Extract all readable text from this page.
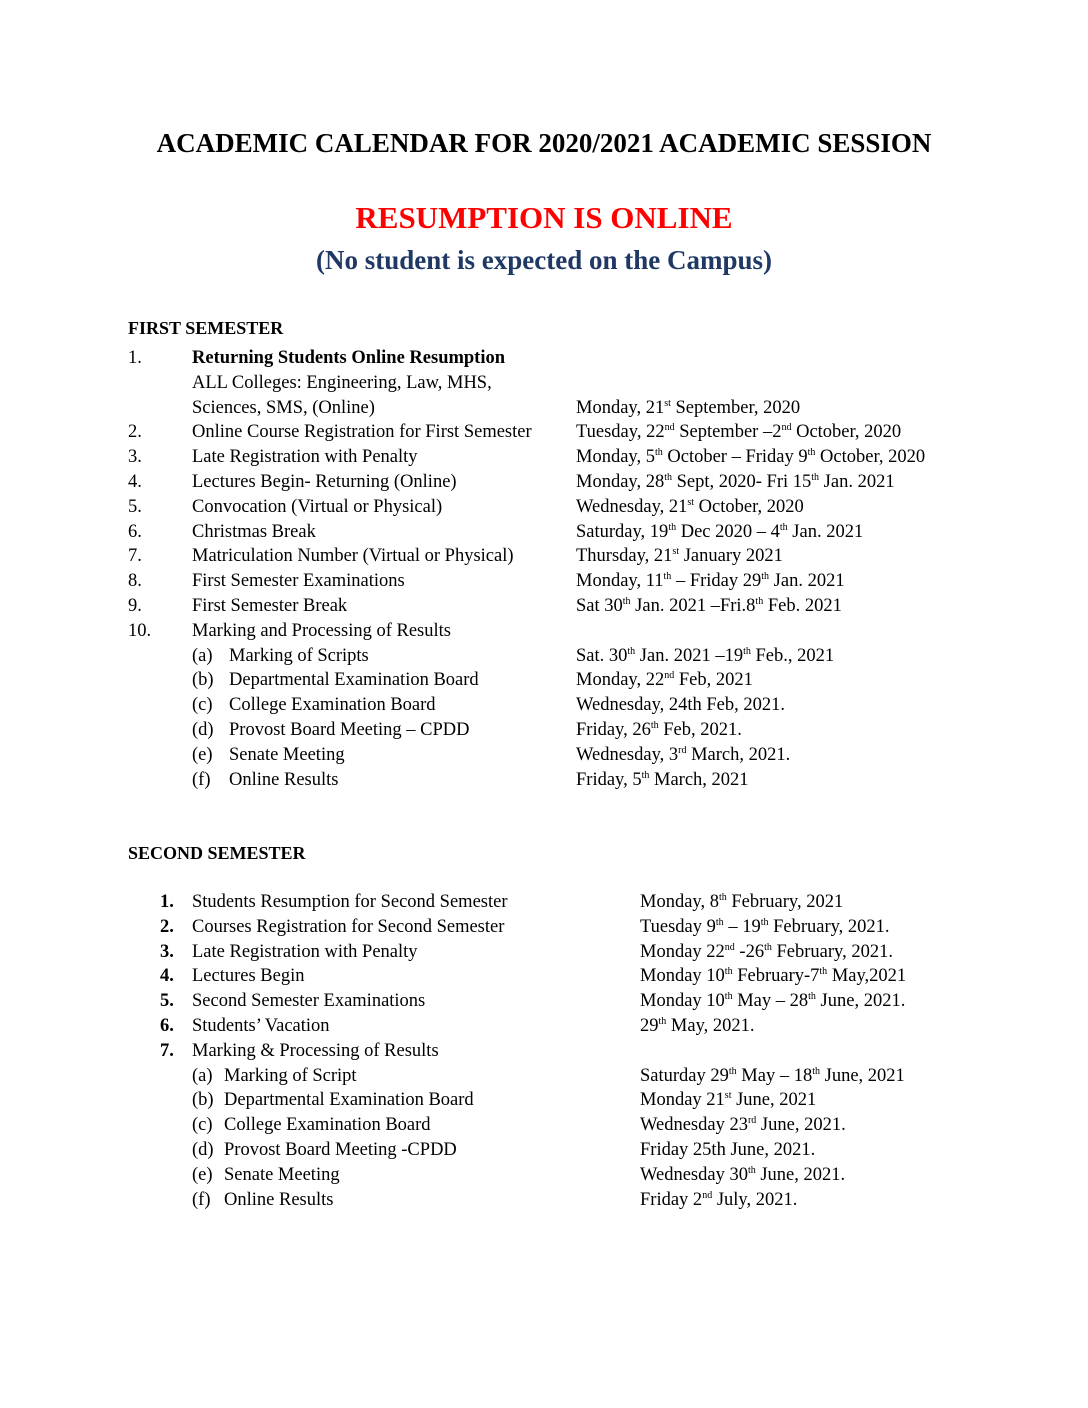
ACADEMIC CALENDAR FOR 2020/2021 ACADEMIC SESSION
RESUMPTION IS ONLINE
(No student is expected on the Campus)
FIRST SEMESTER
1.	Returning Students Online Resumption
ALL Colleges: Engineering, Law, MHS,
Sciences, SMS, (Online)	Monday, 21st September, 2020
2.	Online Course Registration for First Semester Tuesday, 22nd September –2nd October, 2020
3.	Late Registration with Penalty	Monday, 5th October – Friday 9th October, 2020
4.	Lectures Begin- Returning (Online)	Monday, 28th Sept, 2020- Fri 15th Jan. 2021
5.	Convocation (Virtual or Physical)	Wednesday, 21st October, 2020
6.	Christmas Break	Saturday, 19th Dec 2020 – 4th Jan. 2021
7.	Matriculation Number (Virtual or Physical)	Thursday, 21st January 2021
8.	First Semester Examinations	Monday, 11th – Friday 29th Jan. 2021
9.	First Semester Break	Sat 30th Jan. 2021 –Fri.8th Feb. 2021
10. Marking and Processing of Results
(a) Marking of Scripts	Sat. 30th Jan. 2021 –19th Feb., 2021
(b) Departmental Examination Board	Monday, 22nd Feb, 2021
(c) College Examination Board	Wednesday, 24th Feb, 2021.
(d) Provost Board Meeting – CPDD	Friday, 26th Feb, 2021.
(e) Senate Meeting	Wednesday, 3rd March, 2021.
(f) Online Results	Friday, 5th March, 2021
SECOND SEMESTER
1. Students Resumption for Second Semester	Monday, 8th February, 2021
2. Courses Registration for Second Semester	Tuesday 9th – 19th February, 2021.
3. Late Registration with Penalty	Monday 22nd -26th February, 2021.
4. Lectures Begin	Monday 10th February-7th May,2021
5. Second Semester Examinations	Monday 10th May – 28th June, 2021.
6. Students’ Vacation	29th May, 2021.
7. Marking & Processing of Results
(a) Marking of Script	Saturday 29th May – 18th June, 2021
(b) Departmental Examination Board	Monday 21st June, 2021
(c) College Examination Board	Wednesday 23rd June, 2021.
(d) Provost Board Meeting -CPDD	Friday 25th June, 2021.
(e) Senate Meeting	Wednesday 30th June, 2021.
(f) Online Results	Friday 2nd July, 2021.
